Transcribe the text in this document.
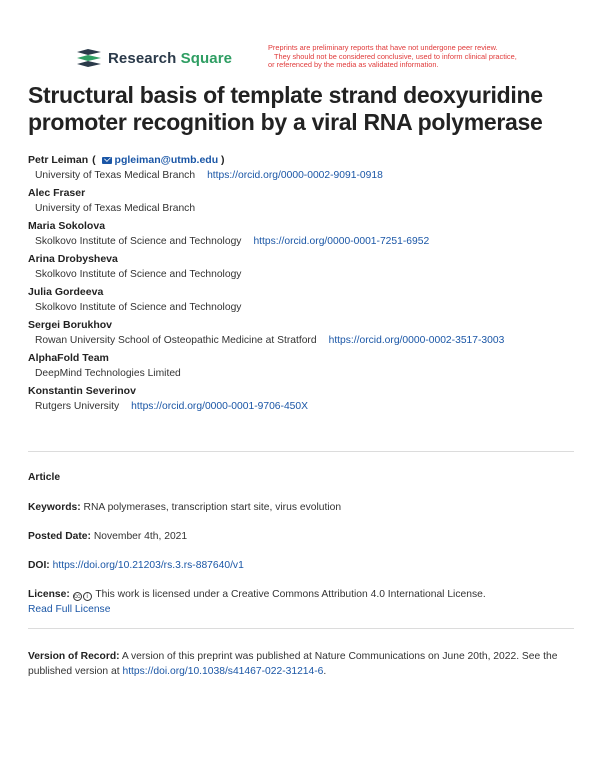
Research Square
Preprints are preliminary reports that have not undergone peer review.
They should not be considered conclusive, used to inform clinical practice,
or referenced by the media as validated information.
Structural basis of template strand deoxyuridine promoter recognition by a viral RNA polymerase
Petr Leiman ( pgleiman@utmb.edu )
University of Texas Medical Branch https://orcid.org/0000-0002-9091-0918
Alec Fraser
University of Texas Medical Branch
Maria Sokolova
Skolkovo Institute of Science and Technology https://orcid.org/0000-0001-7251-6952
Arina Drobysheva
Skolkovo Institute of Science and Technology
Julia Gordeeva
Skolkovo Institute of Science and Technology
Sergei Borukhov
Rowan University School of Osteopathic Medicine at Stratford https://orcid.org/0000-0002-3517-3003
AlphaFold Team
DeepMind Technologies Limited
Konstantin Severinov
Rutgers University https://orcid.org/0000-0001-9706-450X
Article
Keywords: RNA polymerases, transcription start site, virus evolution
Posted Date: November 4th, 2021
DOI: https://doi.org/10.21203/rs.3.rs-887640/v1
License: cc i This work is licensed under a Creative Commons Attribution 4.0 International License.
Read Full License
Version of Record: A version of this preprint was published at Nature Communications on June 20th, 2022. See the published version at https://doi.org/10.1038/s41467-022-31214-6.
